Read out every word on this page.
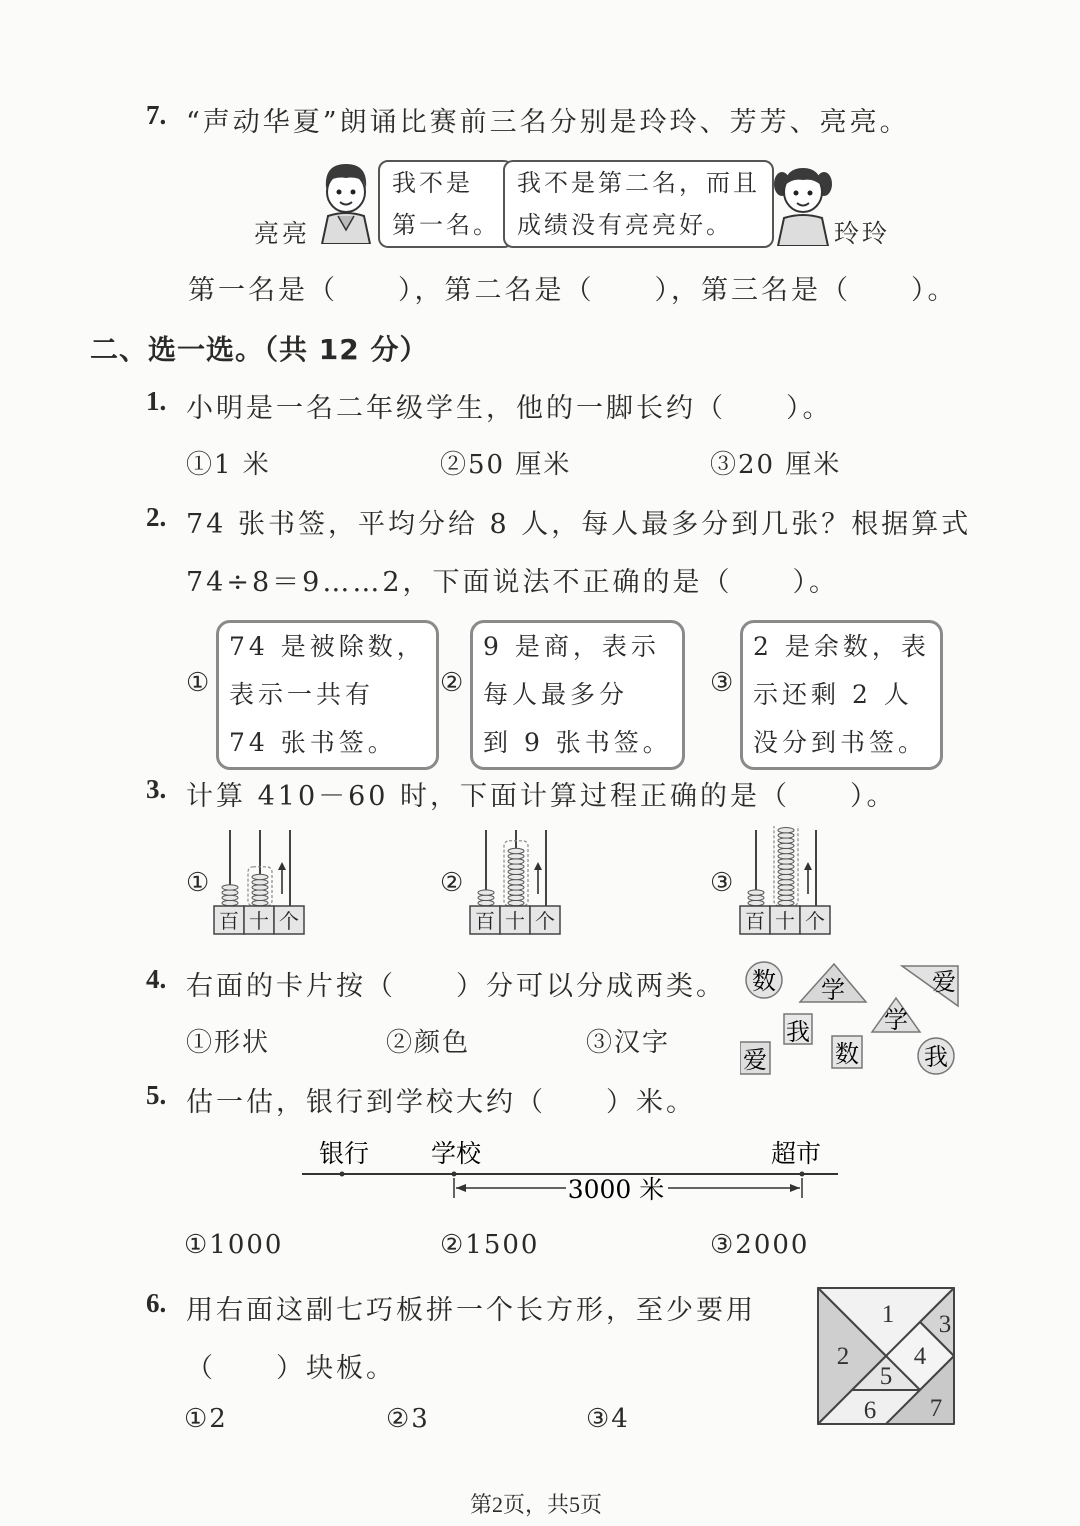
7. “声动华夏”朗诵比赛前三名分别是玲玲、芳芳、亮亮。
亮亮
我不是
第一名。
我不是第二名，而且
成绩没有亮亮好。	玲玲
第一名是（　　），第二名是（　　），第三名是（　　）。
二、选一选。（共 12 分）
1. 小明是一名二年级学生，他的一脚长约（　　）。
①1 米	②50 厘米	③20 厘米
2. 74 张书签，平均分给 8 人，每人最多分到几张？根据算式
74÷8＝9……2，下面说法不正确的是（　　）。
①
74 是被除数，
表示一共有
74 张书签。
②
9 是商，表示
每人最多分
到 9 张书签。
③
2 是余数，表
示还剩 2 人
没分到书签。
3. 计算 410－60 时，下面计算过程正确的是（　　）。
①	②	③
百 十 个	百 十 个	百 十 个
4. 右面的卡片按（　　）分可以分成两类。
①形状	②颜色	③汉字
数 学	爱
我	学
爱	数	我
5. 估一估，银行到学校大约（　　）米。
银行 学校	超市
3000 米
①1000	②1500	③2000
6. 用右面这副七巧板拼一个长方形，至少要用
（　　）块板。
①2	②3	③4
1
2
3
4
5
6 7
第2页，共5页
